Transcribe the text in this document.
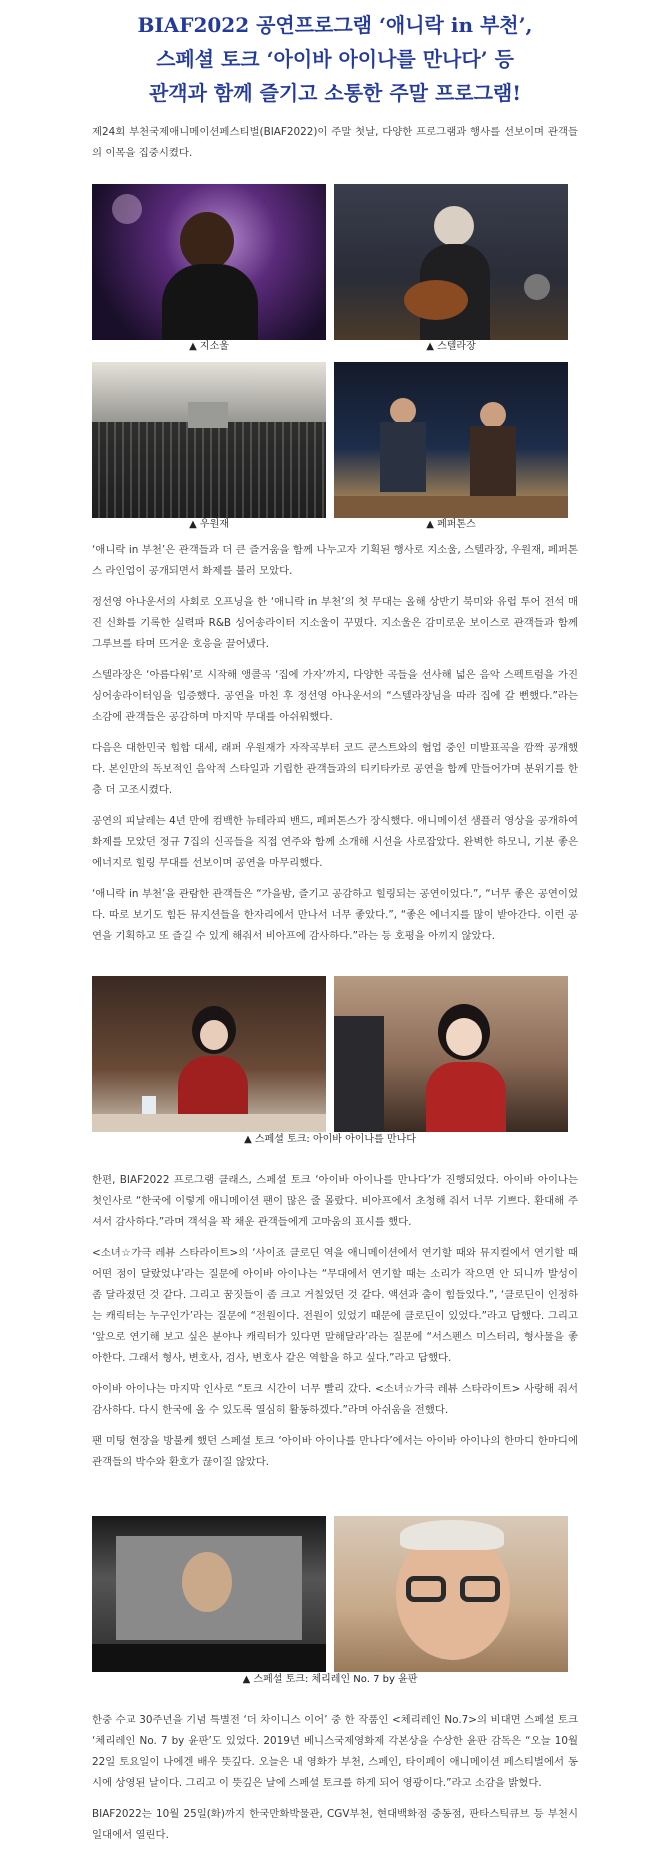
BIAF2022 공연프로그램 ‘애니락 in 부천’,
스페셜 토크 ‘아이바 아이나를 만나다’ 등
관객과 함께 즐기고 소통한 주말 프로그램!

제24회 부천국제애니메이션페스티벌(BIAF2022)이 주말 첫날, 다양한 프로그램과 행사를 선보이며 관객들의 이목을 집중시켰다.

▲ 지소울	▲ 스텔라장
▲ 우원재	▲ 페퍼톤스

‘애니락 in 부천’은 관객들과 더 큰 즐거움을 함께 나누고자 기획된 행사로 지소울, 스텔라장, 우원재, 페퍼톤스 라인업이 공개되면서 화제를 불러 모았다.

정선영 아나운서의 사회로 오프닝을 한 ‘애니락 in 부천’의 첫 무대는 올해 상반기 북미와 유럽 투어 전석 매진 신화를 기록한 실력파 R&B 싱어송라이터 지소울이 꾸몄다. 지소울은 감미로운 보이스로 관객들과 함께 그루브를 타며 뜨거운 호응을 끌어냈다.

스텔라장은 ‘아름다워’로 시작해 앵콜곡 ‘집에 가자’까지, 다양한 곡들을 선사해 넓은 음악 스펙트럼을 가진 싱어송라이터임을 입증했다. 공연을 마친 후 정선영 아나운서의 “스텔라장님을 따라 집에 갈 뻔했다.”라는 소감에 관객들은 공감하며 마지막 무대를 아쉬워했다.

다음은 대한민국 힙합 대세, 래퍼 우원재가 자작곡부터 코드 쿤스트와의 협업 중인 미발표곡을 깜짝 공개했다. 본인만의 독보적인 음악적 스타일과 기립한 관객들과의 티키타카로 공연을 함께 만들어가며 분위기를 한층 더 고조시켰다.

공연의 피날레는 4년 만에 컴백한 뉴테라피 밴드, 페퍼톤스가 장식했다. 애니메이션 샘플러 영상을 공개하여 화제를 모았던 정규 7집의 신곡들을 직접 연주와 함께 소개해 시선을 사로잡았다. 완벽한 하모니, 기분 좋은 에너지로 힐링 무대를 선보이며 공연을 마무리했다.

‘애니락 in 부천’을 관람한 관객들은 “가을밤, 즐기고 공감하고 힐링되는 공연이었다.”, “너무 좋은 공연이었다. 따로 보기도 힘든 뮤지션들을 한자리에서 만나서 너무 좋았다.”, “좋은 에너지를 많이 받아간다. 이런 공연을 기획하고 또 즐길 수 있게 해줘서 비아프에 감사하다.”라는 등 호평을 아끼지 않았다.

▲ 스페셜 토크: 아이바 아이나를 만나다

한편, BIAF2022 프로그램 클래스, 스페셜 토크 ‘아이바 아이나를 만나다’가 진행되었다. 아이바 아이나는 첫인사로 “한국에 이렇게 애니메이션 팬이 많은 줄 몰랐다. 비아프에서 초청해 줘서 너무 기쁘다. 환대해 주셔서 감사하다.”라며 객석을 꽉 채운 관객들에게 고마움의 표시를 했다.

<소녀☆가극 레뷰 스타라이트>의 ‘사이죠 클로딘 역을 애니메이션에서 연기할 때와 뮤지컬에서 연기할 때 어떤 점이 달랐었냐’라는 질문에 아이바 아이나는 “무대에서 연기할 때는 소리가 작으면 안 되니까 발성이 좀 달라졌던 것 같다. 그리고 꿈짓들이 좀 크고 거칠었던 것 같다. 액션과 춤이 힘들었다.”, ‘클로딘이 인정하는 캐릭터는 누구인가’라는 질문에 “전원이다. 전원이 있었기 때문에 클로딘이 있었다.”라고 답했다. 그리고 ‘앞으로 연기해 보고 싶은 분야나 캐릭터가 있다면 말해달라’라는 질문에 “서스펜스 미스터리, 형사물을 좋아한다. 그래서 형사, 변호사, 검사, 변호사 같은 역할을 하고 싶다.”라고 답했다.

아이바 아이나는 마지막 인사로 “토크 시간이 너무 빨리 갔다. <소녀☆가극 레뷰 스타라이트> 사랑해 줘서 감사하다. 다시 한국에 올 수 있도록 열심히 활동하겠다.”라며 아쉬움을 전했다.

팬 미팅 현장을 방불케 했던 스페셜 토크 ‘아이바 아이나를 만나다’에서는 아이바 아이나의 한마디 한마디에 관객들의 박수와 환호가 끊이질 않았다.

▲ 스페셜 토크: 체리레인 No. 7 by 윤판

한중 수교 30주년을 기념 특별전 ‘더 차이니스 이어’ 중 한 작품인 <체리레인 No.7>의 비대면 스페셜 토크 ‘체리레인 No. 7 by 윤판’도 있었다. 2019년 베니스국제영화제 각본상을 수상한 윤판 감독은 “오늘 10월 22일 토요일이 나에겐 배우 뜻깊다. 오늘은 내 영화가 부천, 스페인, 타이페이 애니메이션 페스티벌에서 동시에 상영된 날이다. 그리고 이 뜻깊은 날에 스페셜 토크를 하게 되어 영광이다.”라고 소감을 밝혔다.

BIAF2022는 10월 25일(화)까지 한국만화박물관, CGV부천, 현대백화점 중동점, 판타스틱큐브 등 부천시 일대에서 열린다.
